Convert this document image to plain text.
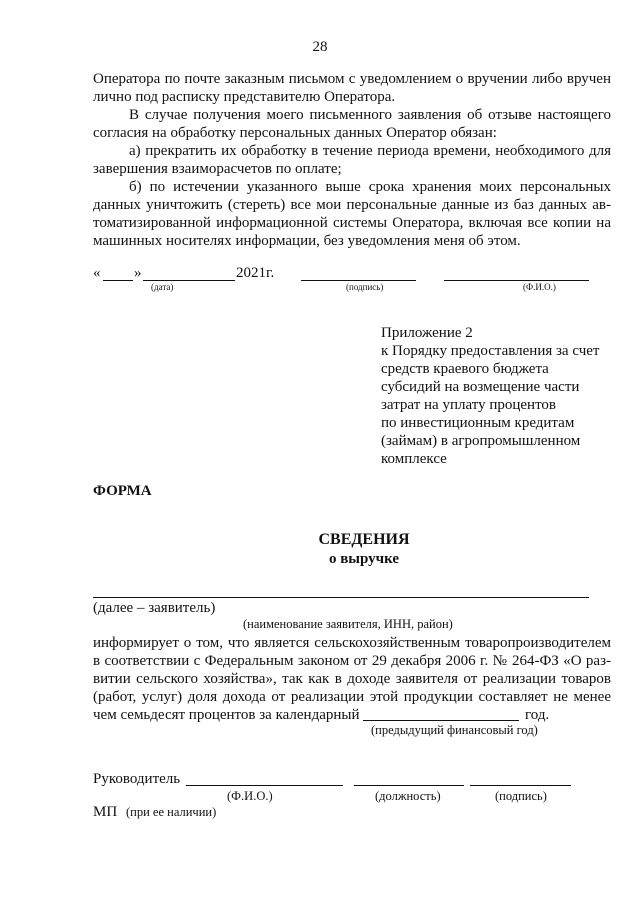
28
Оператора по почте заказным письмом с уведомлением о вручении либо вручен
лично под расписку представителю Оператора.
В случае получения моего письменного заявления об отзыве настоящего
согласия на обработку персональных данных Оператор обязан:
а) прекратить их обработку в течение периода времени, необходимого для
завершения взаиморасчетов по оплате;
б) по истечении указанного выше срока хранения моих персональных
данных уничтожить (стереть) все мои персональные данные из баз данных ав-
томатизированной информационной системы Оператора, включая все копии на
машинных носителях информации, без уведомления меня об этом.
« »	2021г.
(дата)	(подпись)	(Ф.И.О.)
Приложение 2
к Порядку предоставления за счет
средств краевого бюджета
субсидий на возмещение части
затрат на уплату процентов
по инвестиционным кредитам
(займам) в агропромышленном
комплексе
ФОРМА
СВЕДЕНИЯ
о выручке
(далее – заявитель)
(наименование заявителя, ИНН, район)
информирует о том, что является сельскохозяйственным товаропроизводителем
в соответствии с Федеральным законом от 29 декабря 2006 г. № 264-ФЗ «О раз-
витии сельского хозяйства», так как в доходе заявителя от реализации товаров
(работ, услуг) доля дохода от реализации этой продукции составляет не менее
чем семьдесят процентов за календарный	год.
(предыдущий финансовый год)
Руководитель
(Ф.И.О.)	(должность)	(подпись)
МП (при ее наличии)
